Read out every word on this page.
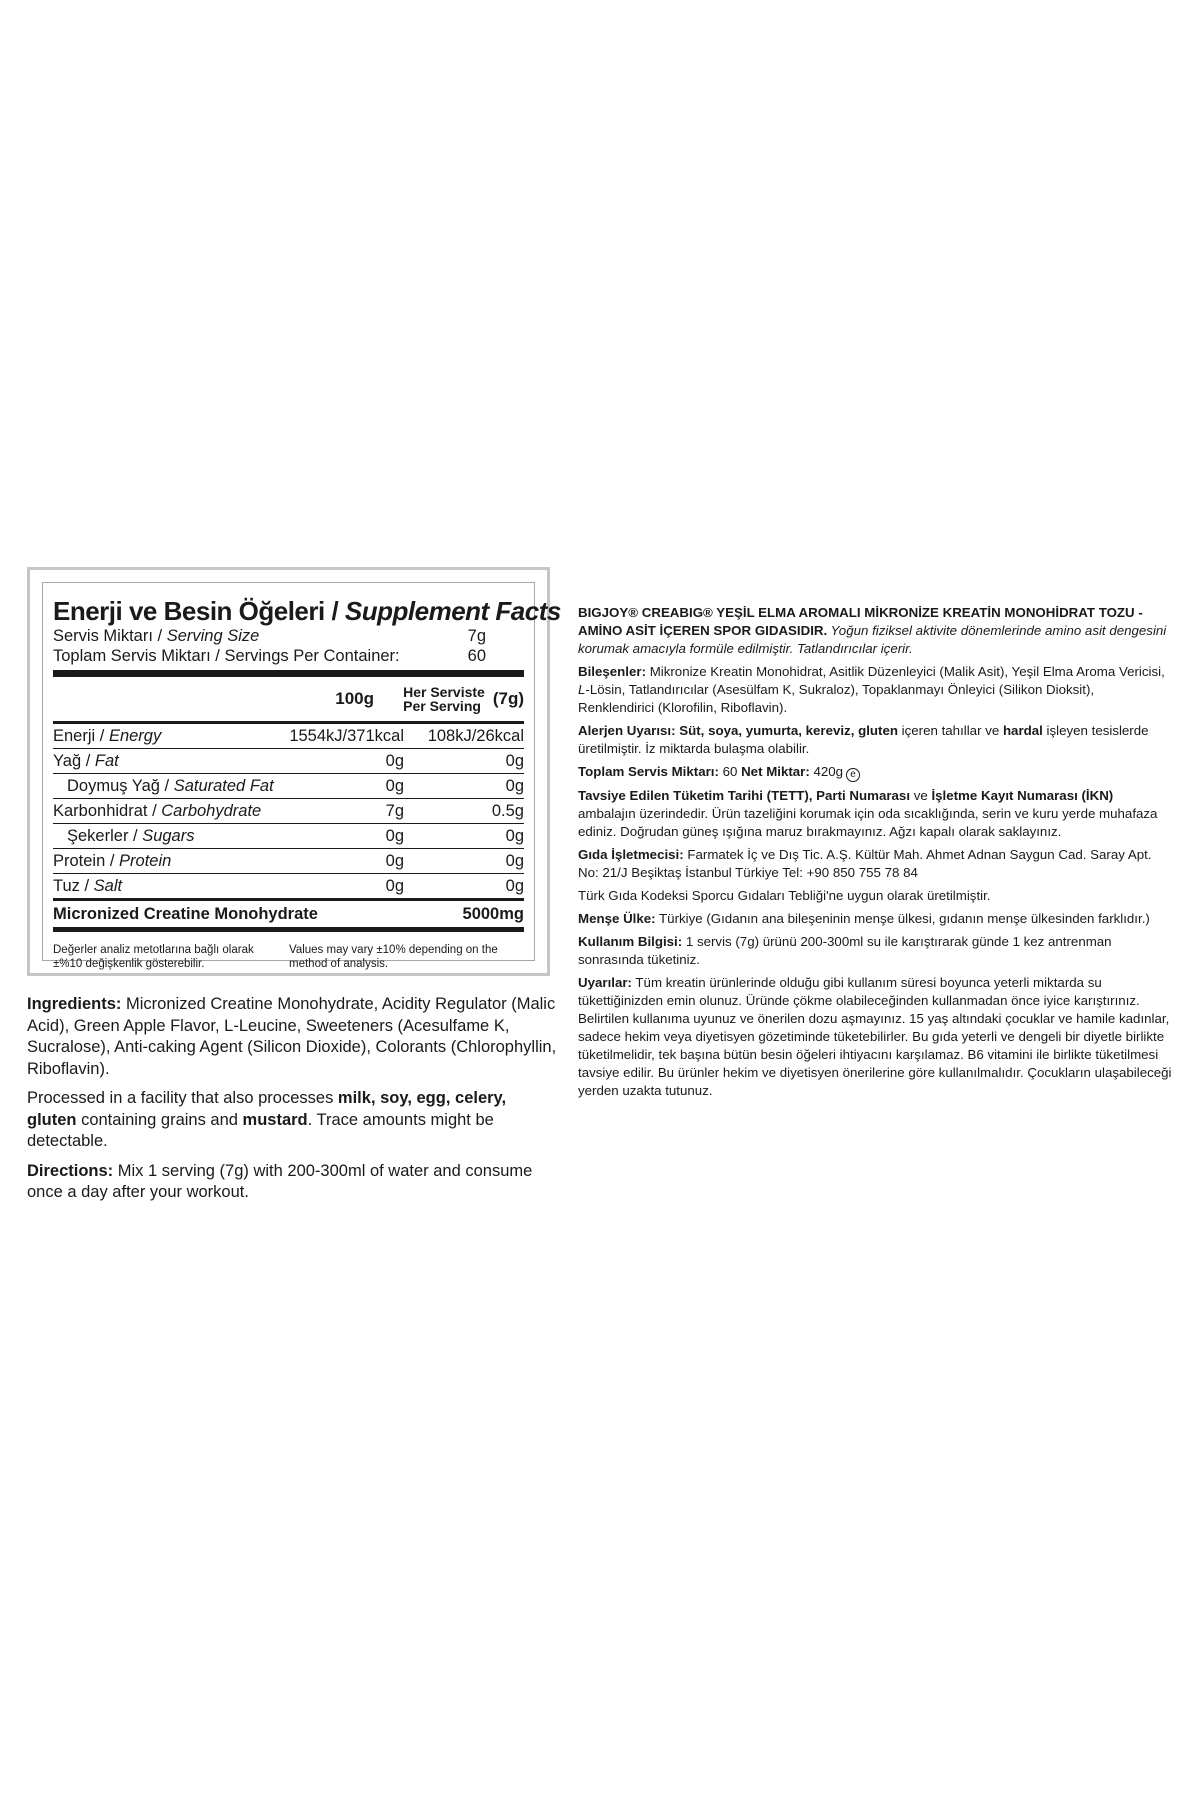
Enerji ve Besin Öğeleri / Supplement Facts
Servis Miktarı / Serving Size	7g
Toplam Servis Miktarı / Servings Per Container:	60
100g Her Serviste
Per Serving (7g)
Enerji / Energy	1554kJ/371kcal	108kJ/26kcal
Yağ / Fat	0g	0g
Doymuş Yağ / Saturated Fat	0g	0g
Karbonhidrat / Carbohydrate	7g	0.5g
Şekerler / Sugars	0g	0g
Protein / Protein	0g	0g
Tuz / Salt	0g	0g
Micronized Creatine Monohydrate	5000mg
Değerler analiz metotlarına bağlı olarak ±%10 değişkenlik gösterebilir.
Values may vary ±10% depending on the method of analysis.

Ingredients: Micronized Creatine Monohydrate, Acidity Regulator (Malic Acid), Green Apple Flavor, L-Leucine, Sweeteners (Acesulfame K, Sucralose), Anti-caking Agent (Silicon Dioxide), Colorants (Chlorophyllin, Riboflavin).

Processed in a facility that also processes milk, soy, egg, celery, gluten containing grains and mustard. Trace amounts might be detectable.

Directions: Mix 1 serving (7g) with 200-300ml of water and consume once a day after your workout.

BIGJOY® CREABIG® YEŞİL ELMA AROMALI MİKRONİZE KREATİN MONOHİDRAT TOZU - AMİNO ASİT İÇEREN SPOR GIDASIDIR. Yoğun fiziksel aktivite dönemlerinde amino asit dengesini korumak amacıyla formüle edilmiştir. Tatlandırıcılar içerir.

Bileşenler: Mikronize Kreatin Monohidrat, Asitlik Düzenleyici (Malik Asit), Yeşil Elma Aroma Vericisi, L-Lösin, Tatlandırıcılar (Asesülfam K, Sukraloz), Topaklanmayı Önleyici (Silikon Dioksit), Renklendirici (Klorofilin, Riboflavin).

Alerjen Uyarısı: Süt, soya, yumurta, kereviz, gluten içeren tahıllar ve hardal işleyen tesislerde üretilmiştir. İz miktarda bulaşma olabilir.

Toplam Servis Miktarı: 60 Net Miktar: 420g e

Tavsiye Edilen Tüketim Tarihi (TETT), Parti Numarası ve İşletme Kayıt Numarası (İKN) ambalajın üzerindedir. Ürün tazeliğini korumak için oda sıcaklığında, serin ve kuru yerde muhafaza ediniz. Doğrudan güneş ışığına maruz bırakmayınız. Ağzı kapalı olarak saklayınız.

Gıda İşletmecisi: Farmatek İç ve Dış Tic. A.Ş. Kültür Mah. Ahmet Adnan Saygun Cad. Saray Apt. No: 21/J Beşiktaş İstanbul Türkiye Tel: +90 850 755 78 84

Türk Gıda Kodeksi Sporcu Gıdaları Tebliği'ne uygun olarak üretilmiştir.

Menşe Ülke: Türkiye (Gıdanın ana bileşeninin menşe ülkesi, gıdanın menşe ülkesinden farklıdır.)

Kullanım Bilgisi: 1 servis (7g) ürünü 200-300ml su ile karıştırarak günde 1 kez antrenman sonrasında tüketiniz.

Uyarılar: Tüm kreatin ürünlerinde olduğu gibi kullanım süresi boyunca yeterli miktarda su tükettiğinizden emin olunuz. Üründe çökme olabileceğinden kullanmadan önce iyice karıştırınız. Belirtilen kullanıma uyunuz ve önerilen dozu aşmayınız. 15 yaş altındaki çocuklar ve hamile kadınlar, sadece hekim veya diyetisyen gözetiminde tüketebilirler. Bu gıda yeterli ve dengeli bir diyetle birlikte tüketilmelidir, tek başına bütün besin öğeleri ihtiyacını karşılamaz. B6 vitamini ile birlikte tüketilmesi tavsiye edilir. Bu ürünler hekim ve diyetisyen önerilerine göre kullanılmalıdır. Çocukların ulaşabileceği yerden uzakta tutunuz.
